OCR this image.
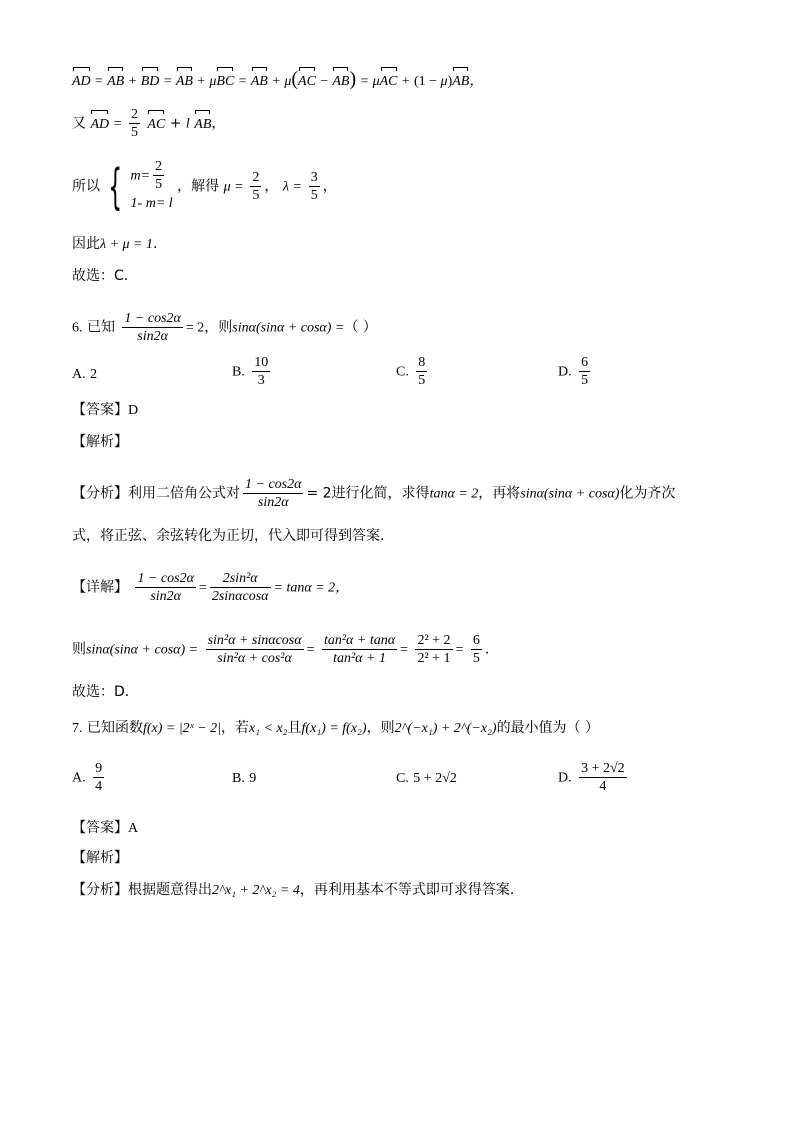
AD = AB + BD = AB + μBC = AB + μ(AC − AB) = μAC + (1 − μ)AB，
又 AD = $\frac{2}{5}$ AC + l AB，
所以 { $m= \frac{2}{5}$
1- m= l
，解得 $\mu = \frac{2}{5}$ ， $\lambda = \frac{3}{5}$ ，
因此λ + μ = 1.
故选：C．
6. 已知 $\frac{1 - \cos 2\alpha}{\sin 2\alpha} = 2$，则sinα(sinα + cosα) =（ ）
A. 2	B. $\frac{10}{3}$	C. $\frac{8}{5}$	D. $\frac{6}{5}$
【答案】D
【解析】
【分析】利用二倍角公式对 $\frac{1 - \cos 2\alpha}{\sin 2\alpha} = 2$进行化简，求得tanα = 2，再将sinα(sinα + cosα)化为齐次
式，将正弦、余弦转化为正切，代入即可得到答案.
【详解】 $\frac{1 - \cos 2\alpha}{\sin 2\alpha} = \frac{\text{2sin²α}}{2\sin\alpha\cos\alpha} = \tan\alpha = 2$，
则$\sin\alpha(\sin\alpha + \cos\alpha) = \frac{\text{sin²α + sinαcosα}}{\text{sin²α + cos²α}} = \frac{\text{tan²α + tanα}}{\text{tan²α + 1}} = \frac{\text{2² + 2}}{\text{2² + 1}} = \frac{6}{5}$ .
故选：D．
7. 已知函数f(x) = |2ˣ − 2|，若x₁ < x₂且f(x₁) = f(x₂)，则2^(−x₁) + 2^(−x₂)的最小值为（ ）
A. $\frac{9}{4}$	B. 9	C. 5 + 2√2	D. $\frac{3 + 2√2}{4}$
【答案】A
【解析】
【分析】根据题意得出2^x₁ + 2^x₂ = 4，再利用基本不等式即可求得答案.
